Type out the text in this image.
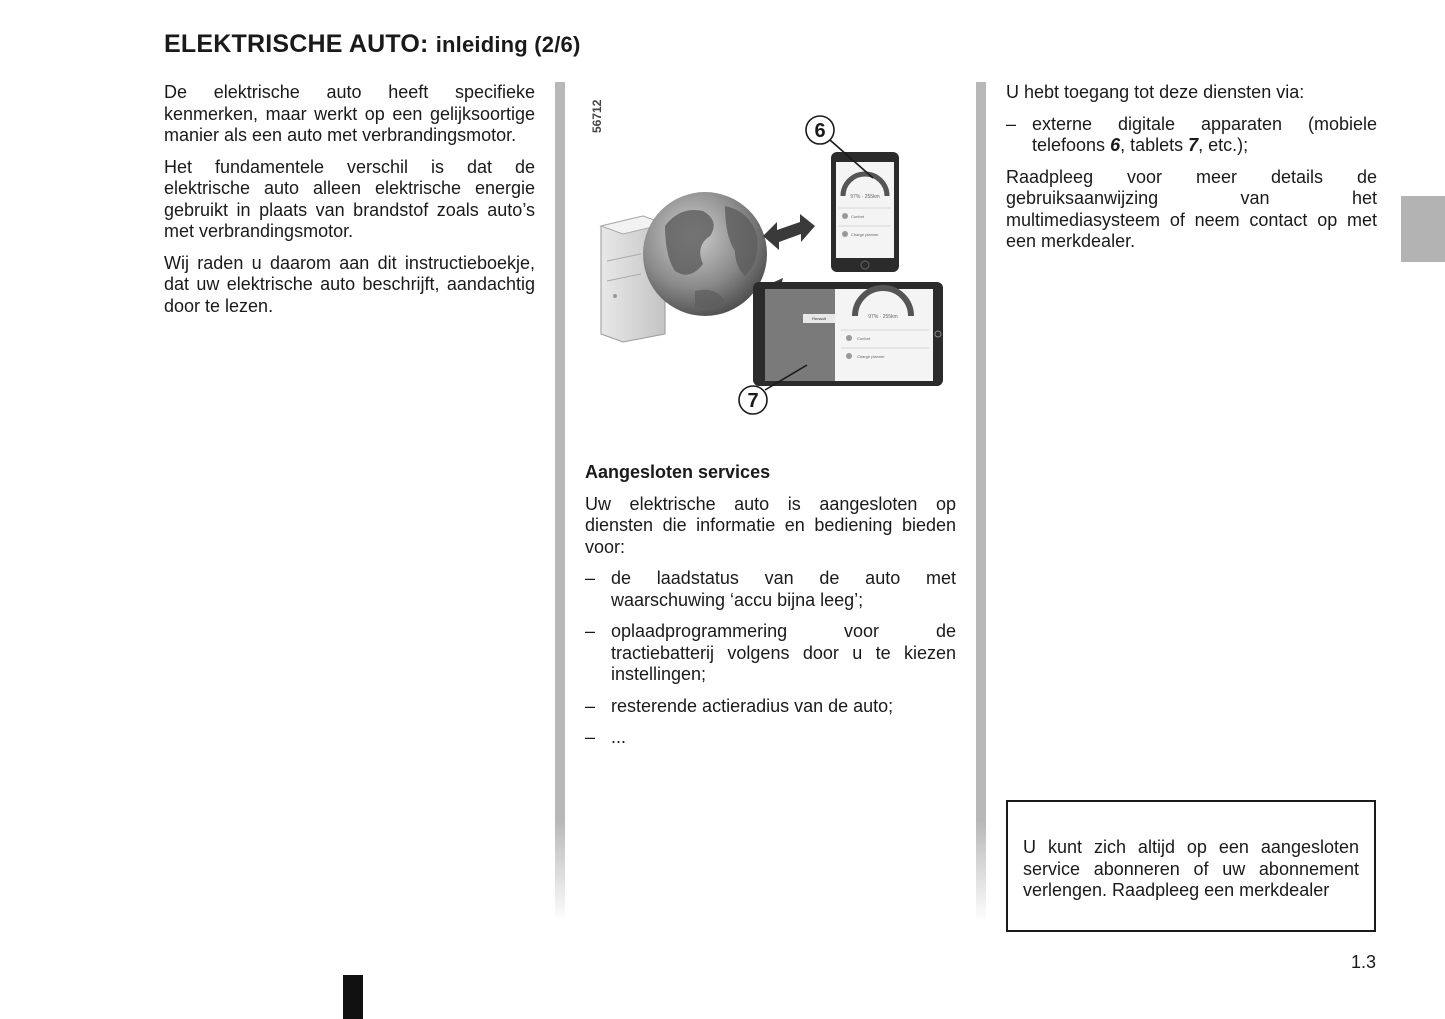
ELEKTRISCHE AUTO: inleiding (2/6)

De elektrische auto heeft specifieke kenmerken, maar werkt op een gelijksoortige manier als een auto met verbrandingsmotor.

Het fundamentele verschil is dat de elektrische auto alleen elektrische energie gebruikt in plaats van brandstof zoals auto’s met verbrandingsmotor.

Wij raden u daarom aan dit instructieboekje, dat uw elektrische auto beschrijft, aandachtig door te lezen.

56712
97% · 255km
Confort
Charge planner
Renault	97% · 255km
Confort
Charge planner
6
7

Aangesloten services

Uw elektrische auto is aangesloten op diensten die informatie en bediening bieden voor:

– de laadstatus van de auto met waarschuwing ‘accu bijna leeg’;
– oplaadprogrammering voor de tractiebatterij volgens door u te kiezen instellingen;
– resterende actieradius van de auto;
– ...

U hebt toegang tot deze diensten via:

– externe digitale apparaten (mobiele telefoons 6, tablets 7, etc.);

Raadpleeg voor meer details de gebruiksaanwijzing van het multimediasysteem of neem contact op met een merkdealer.

U kunt zich altijd op een aangesloten service abonneren of uw abonnement verlengen. Raadpleeg een merkdealer

1.3
